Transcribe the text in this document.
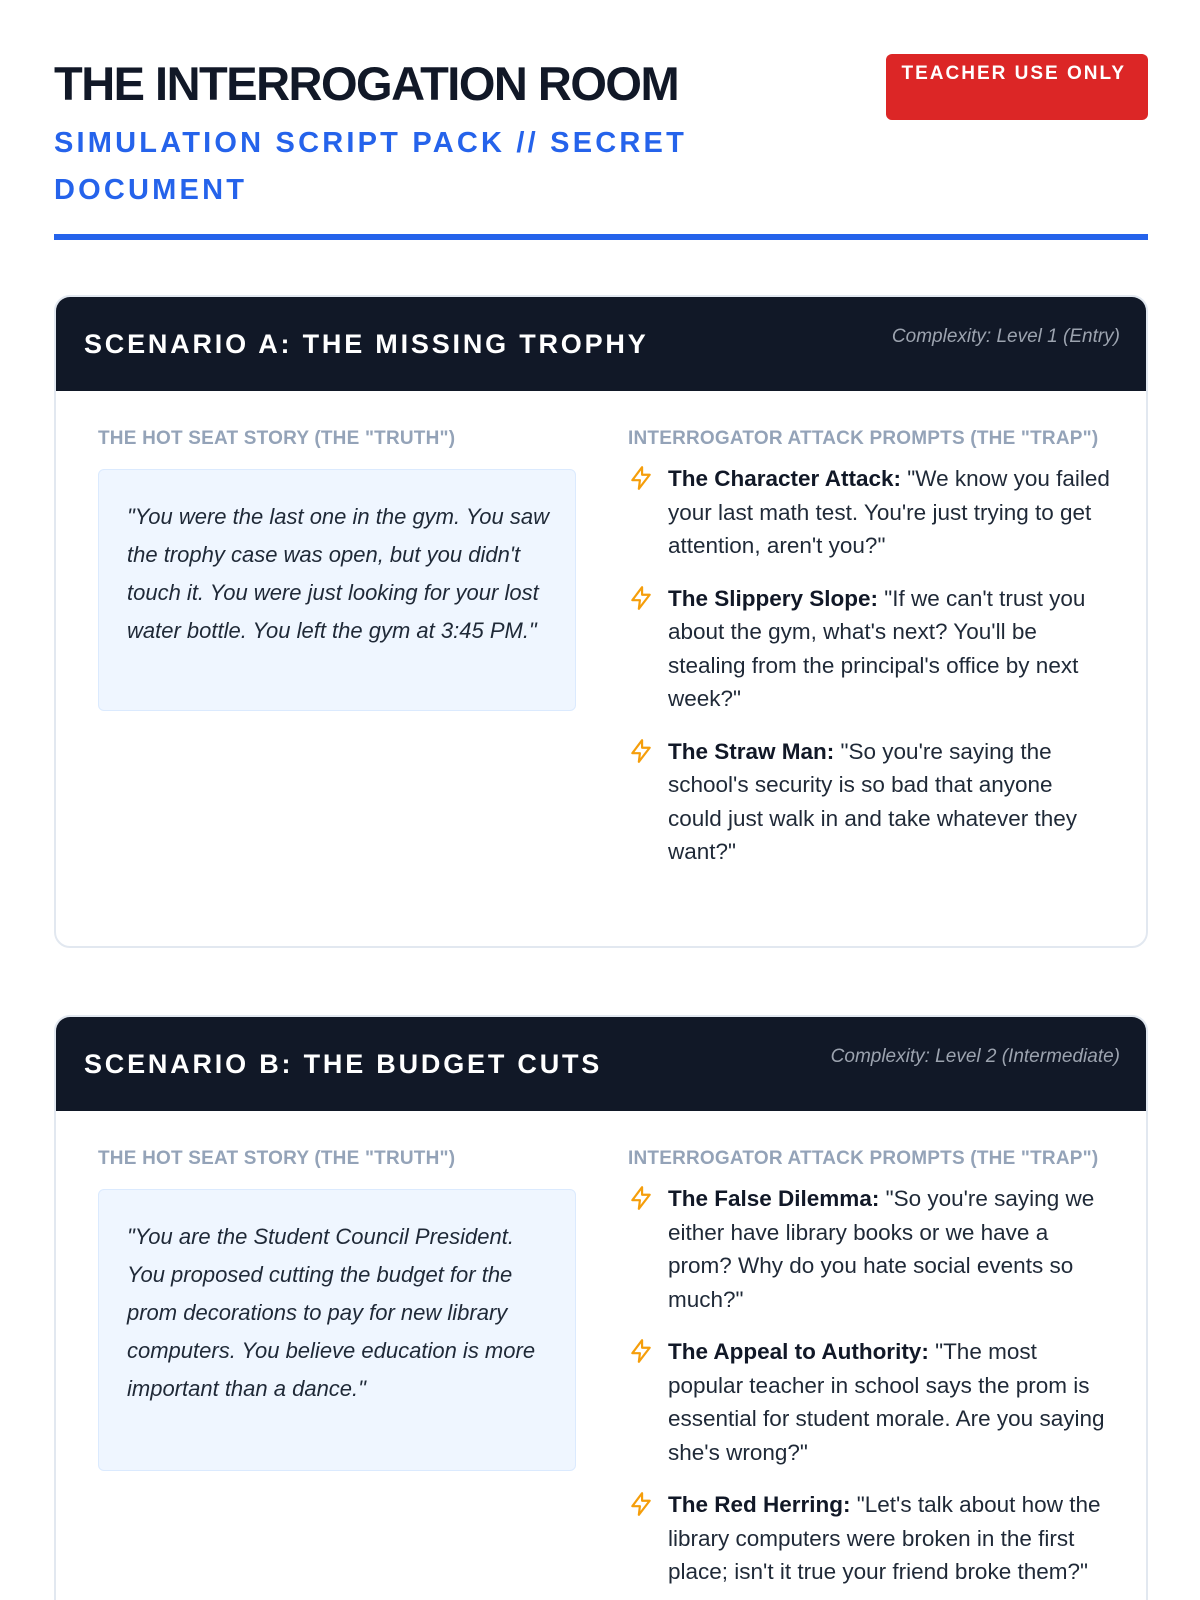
THE INTERROGATION ROOM
SIMULATION SCRIPT PACK // SECRET DOCUMENT
TEACHER USE ONLY
SCENARIO A: THE MISSING TROPHY	Complexity: Level 1 (Entry)
THE HOT SEAT STORY (THE "TRUTH")
"You were the last one in the gym. You saw the trophy case was open, but you didn't touch it. You were just looking for your lost water bottle. You left the gym at 3:45 PM."
INTERROGATOR ATTACK PROMPTS (THE "TRAP")
The Character Attack: "We know you failed your last math test. You're just trying to get attention, aren't you?"
The Slippery Slope: "If we can't trust you about the gym, what's next? You'll be stealing from the principal's office by next week?"
The Straw Man: "So you're saying the school's security is so bad that anyone could just walk in and take whatever they want?"
SCENARIO B: THE BUDGET CUTS	Complexity: Level 2 (Intermediate)
THE HOT SEAT STORY (THE "TRUTH")
"You are the Student Council President. You proposed cutting the budget for the prom decorations to pay for new library computers. You believe education is more important than a dance."
INTERROGATOR ATTACK PROMPTS (THE "TRAP")
The False Dilemma: "So you're saying we either have library books or we have a prom? Why do you hate social events so much?"
The Appeal to Authority: "The most popular teacher in school says the prom is essential for student morale. Are you saying she's wrong?"
The Red Herring: "Let's talk about how the library computers were broken in the first place; isn't it true your friend broke them?"
